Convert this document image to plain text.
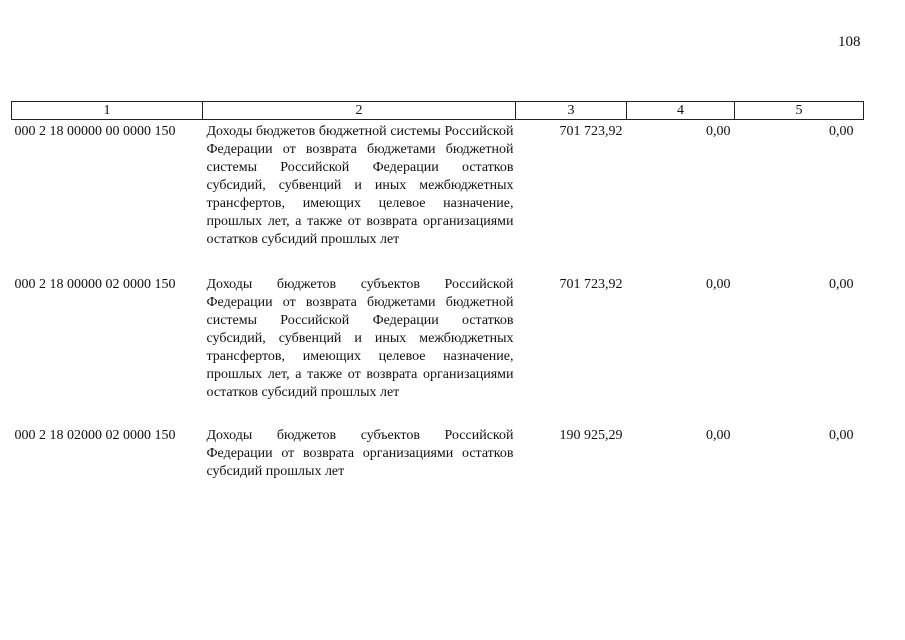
108
1	2	3	4	5
000 2 18 00000 00 0000 150	Доходы бюджетов бюджетной системы Российской Федерации от возврата бюджетами бюджетной системы Российской Федерации остатков субсидий, субвенций и иных межбюджетных трансфертов, имеющих целевое назначение, прошлых лет, а также от возврата организациями остатков субсидий прошлых лет	701 723,92	0,00	0,00

000 2 18 00000 02 0000 150	Доходы бюджетов субъектов Российской Федерации от возврата бюджетами бюджетной системы Российской Федерации остатков субсидий, субвенций и иных межбюджетных трансфертов, имеющих целевое назначение, прошлых лет, а также от возврата организациями остатков субсидий прошлых лет	701 723,92	0,00	0,00

000 2 18 02000 02 0000 150	Доходы бюджетов субъектов Российской Федерации от возврата организациями остатков субсидий прошлых лет	190 925,29	0,00	0,00
